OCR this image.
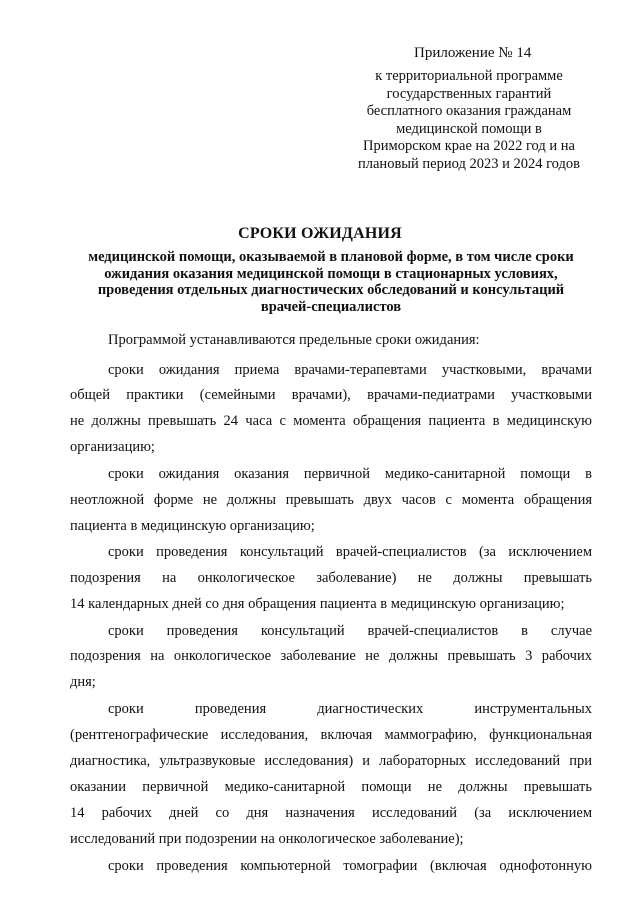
Приложение № 14
к территориальной программе
государственных гарантий
бесплатного оказания гражданам
медицинской помощи в
Приморском крае на 2022 год и на
плановый период 2023 и 2024 годов
СРОКИ ОЖИДАНИЯ
медицинской помощи, оказываемой в плановой форме, в том числе сроки
ожидания оказания медицинской помощи в стационарных условиях,
проведения отдельных диагностических обследований и консультаций
врачей-специалистов
Программой устанавливаются предельные сроки ожидания:
сроки ожидания приема врачами-терапевтами участковыми, врачами
общей практики (семейными врачами), врачами-педиатрами участковыми
не должны превышать 24 часа с момента обращения пациента в медицинскую
организацию;
сроки ожидания оказания первичной медико-санитарной помощи в
неотложной форме не должны превышать двух часов с момента обращения
пациента в медицинскую организацию;
сроки проведения консультаций врачей-специалистов (за исключением
подозрения на онкологическое заболевание) не должны превышать
14 календарных дней со дня обращения пациента в медицинскую организацию;
сроки проведения консультаций врачей-специалистов в случае
подозрения на онкологическое заболевание не должны превышать 3 рабочих
дня;
сроки проведения диагностических инструментальных
(рентгенографические исследования, включая маммографию, функциональная
диагностика, ультразвуковые исследования) и лабораторных исследований при
оказании первичной медико-санитарной помощи не должны превышать
14 рабочих дней со дня назначения исследований (за исключением
исследований при подозрении на онкологическое заболевание);
сроки проведения компьютерной томографии (включая однофотонную
